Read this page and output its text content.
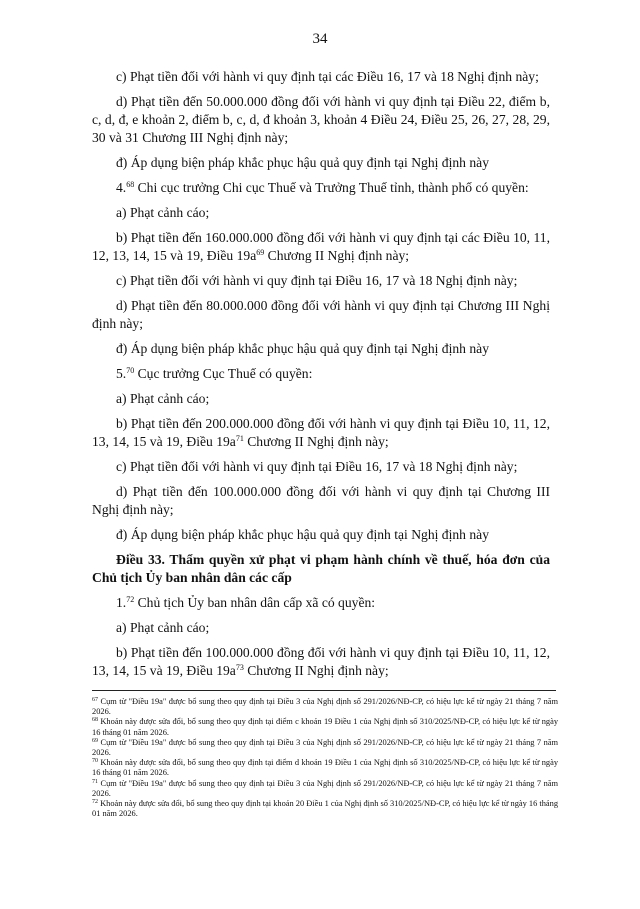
34

c) Phạt tiền đối với hành vi quy định tại các Điều 16, 17 và 18 Nghị định này;

d) Phạt tiền đến 50.000.000 đồng đối với hành vi quy định tại Điều 22, điểm b, c, d, đ, e khoản 2, điểm b, c, d, đ khoản 3, khoản 4 Điều 24, Điều 25, 26, 27, 28, 29, 30 và 31 Chương III Nghị định này;

đ) Áp dụng biện pháp khắc phục hậu quả quy định tại Nghị định này

4.68 Chi cục trưởng Chi cục Thuế và Trưởng Thuế tỉnh, thành phố có quyền:

a) Phạt cảnh cáo;

b) Phạt tiền đến 160.000.000 đồng đối với hành vi quy định tại các Điều 10, 11, 12, 13, 14, 15 và 19, Điều $19a^{69}$ Chương II Nghị định này;

c) Phạt tiền đối với hành vi quy định tại Điều 16, 17 và 18 Nghị định này;

d) Phạt tiền đến 80.000.000 đồng đối với hành vi quy định tại Chương III Nghị định này;

đ) Áp dụng biện pháp khắc phục hậu quả quy định tại Nghị định này

5.70 Cục trưởng Cục Thuế có quyền:

a) Phạt cảnh cáo;

b) Phạt tiền đến 200.000.000 đồng đối với hành vi quy định tại Điều 10, 11, 12, 13, 14, 15 và 19, Điều $19a^{71}$ Chương II Nghị định này;

c) Phạt tiền đối với hành vi quy định tại Điều 16, 17 và 18 Nghị định này;

d) Phạt tiền đến 100.000.000 đồng đối với hành vi quy định tại Chương III Nghị định này;

đ) Áp dụng biện pháp khắc phục hậu quả quy định tại Nghị định này

Điều 33. Thẩm quyền xử phạt vi phạm hành chính về thuế, hóa đơn của Chủ tịch Ủy ban nhân dân các cấp

1.72 Chủ tịch Ủy ban nhân dân cấp xã có quyền:

a) Phạt cảnh cáo;

b) Phạt tiền đến 100.000.000 đồng đối với hành vi quy định tại Điều 10, 11, 12, 13, 14, 15 và 19, Điều $19a^{73}$ Chương II Nghị định này;

$^{67}$ Cụm từ "Điều 19a" được bổ sung theo quy định tại Điều 3 của Nghị định số 291/2026/NĐ-CP, có hiệu lực kể từ ngày 21 tháng 7 năm 2026.
$^{68}$ Khoản này được sửa đổi, bổ sung theo quy định tại điểm c khoản 19 Điều 1 của Nghị định số 310/2025/NĐ-CP, có hiệu lực kể từ ngày 16 tháng 01 năm 2026.
$^{69}$ Cụm từ "Điều 19a" được bổ sung theo quy định tại Điều 3 của Nghị định số 291/2026/NĐ-CP, có hiệu lực kể từ ngày 21 tháng 7 năm 2026.
$^{70}$ Khoản này được sửa đổi, bổ sung theo quy định tại điểm d khoản 19 Điều 1 của Nghị định số 310/2025/NĐ-CP, có hiệu lực kể từ ngày 16 tháng 01 năm 2026.
$^{71}$ Cụm từ "Điều 19a" được bổ sung theo quy định tại Điều 3 của Nghị định số 291/2026/NĐ-CP, có hiệu lực kể từ ngày 21 tháng 7 năm 2026.
$^{72}$ Khoản này được sửa đổi, bổ sung theo quy định tại khoản 20 Điều 1 của Nghị định số 310/2025/NĐ-CP, có hiệu lực kể từ ngày 16 tháng 01 năm 2026.
